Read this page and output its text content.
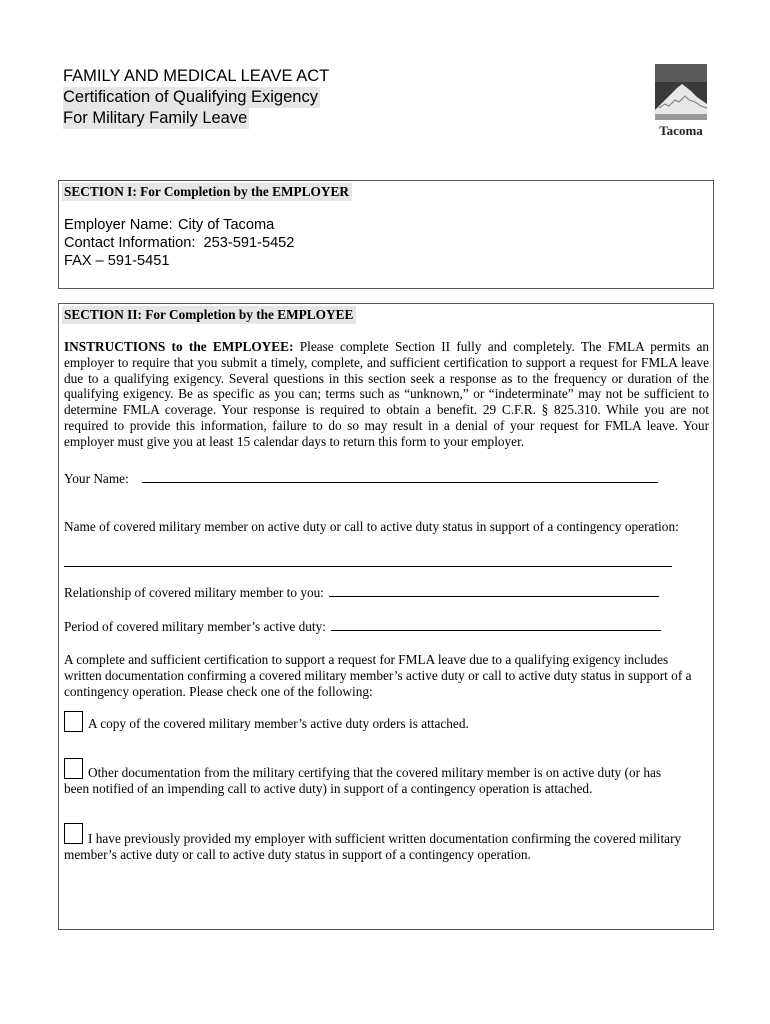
FAMILY AND MEDICAL LEAVE ACT
Certification of Qualifying Exigency
For Military Family Leave
Tacoma
SECTION I: For Completion by the EMPLOYER
Employer Name: City of Tacoma
Contact Information: 253-591-5452
FAX – 591-5451
SECTION II: For Completion by the EMPLOYEE
INSTRUCTIONS to the EMPLOYEE: Please complete Section II fully and completely. The FMLA permits an employer to require that you submit a timely, complete, and sufficient certification to support a request for FMLA leave due to a qualifying exigency. Several questions in this section seek a response as to the frequency or duration of the qualifying exigency. Be as specific as you can; terms such as “unknown,” or “indeterminate” may not be sufficient to determine FMLA coverage. Your response is required to obtain a benefit. 29 C.F.R. § 825.310. While you are not required to provide this information, failure to do so may result in a denial of your request for FMLA leave. Your employer must give you at least 15 calendar days to return this form to your employer.
Your Name:
Name of covered military member on active duty or call to active duty status in support of a contingency operation:
Relationship of covered military member to you:
Period of covered military member’s active duty:
A complete and sufficient certification to support a request for FMLA leave due to a qualifying exigency includes written documentation confirming a covered military member’s active duty or call to active duty status in support of a contingency operation. Please check one of the following:
A copy of the covered military member’s active duty orders is attached.
Other documentation from the military certifying that the covered military member is on active duty (or has
been notified of an impending call to active duty) in support of a contingency operation is attached.
I have previously provided my employer with sufficient written documentation confirming the covered military
member’s active duty or call to active duty status in support of a contingency operation.
